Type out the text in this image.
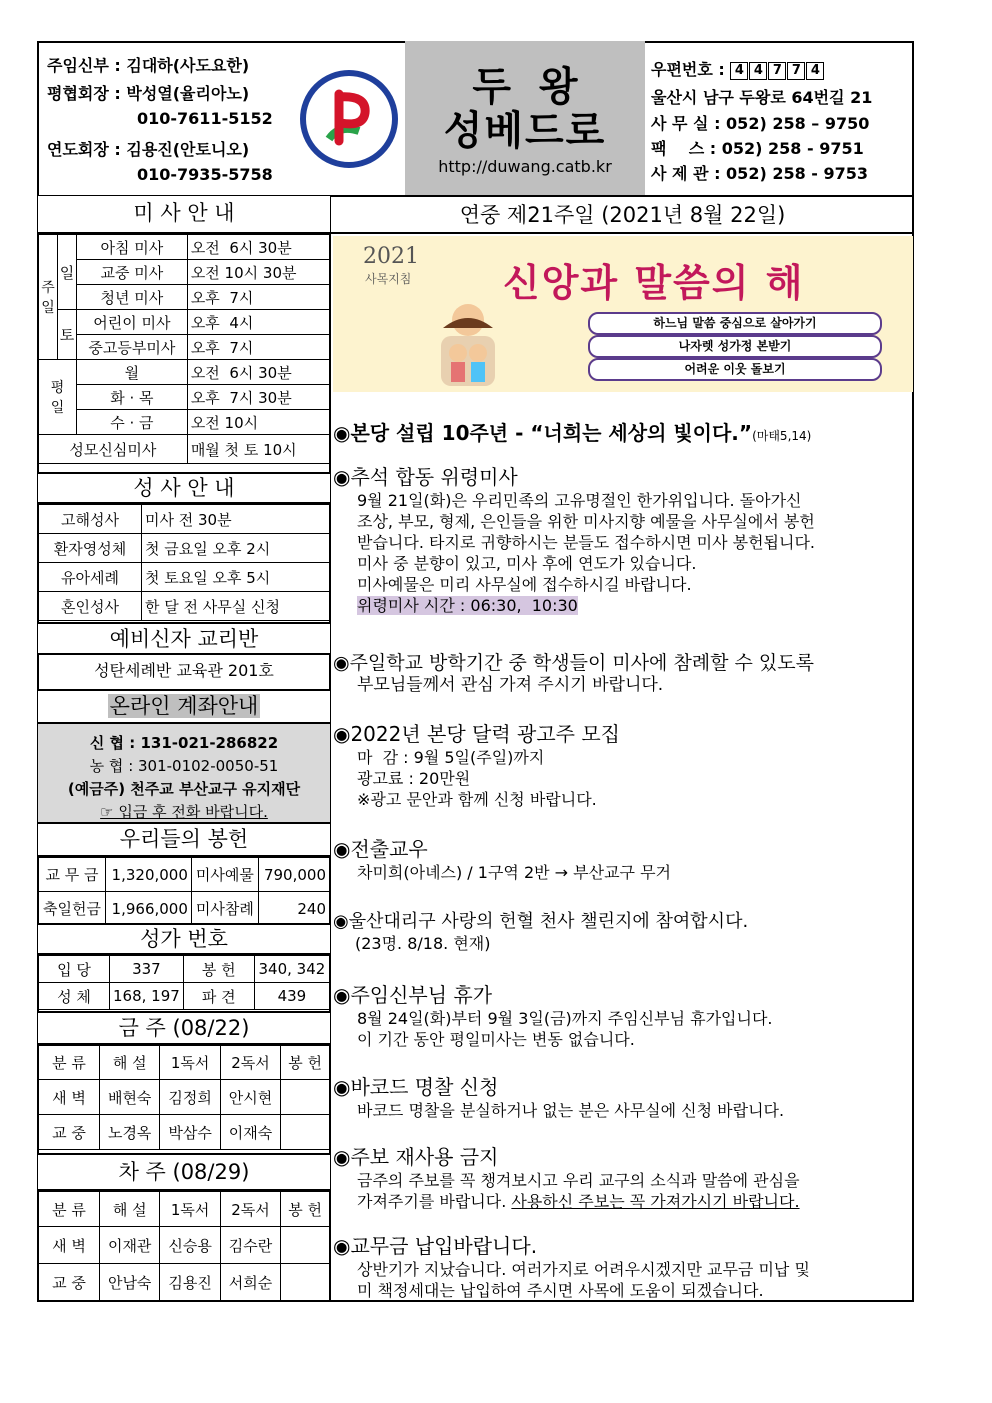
주임신부 : 김대하(사도요한)
평협회장 : 박성열(율리아노)
010-7611-5152
연도회장 : 김용진(안토니오)
010-7935-5758
두  왕
성베드로
http://duwang.catb.kr
우편번호 : 4 4 7 7 4
울산시 남구 두왕로 64번길 21
사 무 실 : 052) 258 – 9750
팩    스 : 052) 258 - 9751
사 제 관 : 052) 258 - 9753
미 사 안 내
주일	일	아침 미사	오전  6시 30분
		교중 미사	오전 10시 30분
		청년 미사	오후  7시
	토	어린이 미사	오후  4시
		중고등부미사	오후  7시
평일		월	오전  6시 30분
		화 · 목	오후  7시 30분
		수 · 금	오전 10시
성모신심미사			매월 첫 토 10시
성 사 안 내
고해성사	미사 전 30분
환자영성체	첫 금요일 오후 2시
유아세례	첫 토요일 오후 5시
혼인성사	한 달 전 사무실 신청
예비신자 교리반
성탄세례반 교육관 201호
온라인 계좌안내
신 협 : 131-021-286822
농 협 : 301-0102-0050-51
(예금주) 천주교 부산교구 유지재단
☞ 입금 후 전화 바랍니다.
우리들의 봉헌
교 무 금	1,320,000	미사예물	790,000
축일헌금	1,966,000	미사참례	240
성가 번호
입 당	337	봉 헌	340, 342
성 체	168, 197	파 견	439
금 주 (08/22)
분 류	해 설	1독서	2독서	봉 헌
새 벽	배현숙	김정희	안시현	
교 중	노경옥	박삼수	이재숙	
차 주 (08/29)
분 류	해 설	1독서	2독서	봉 헌
새 벽	이재관	신승용	김수란	
교 중	안남숙	김용진	서희순	
연중 제21주일 (2021년 8월 22일)
2021
사목지침 신앙과 말씀의 해
하느님 말씀 중심으로 살아가기
나자렛 성가정 본받기
어려운 이웃 돌보기
◉본당 설립 10주년 - “너희는 세상의 빛이다.”(마태5,14)
◉추석 합동 위령미사
9월 21일(화)은 우리민족의 고유명절인 한가위입니다. 돌아가신
조상, 부모, 형제, 은인들을 위한 미사지향 예물을 사무실에서 봉헌
받습니다. 타지로 귀향하시는 분들도 접수하시면 미사 봉헌됩니다.
미사 중 분향이 있고, 미사 후에 연도가 있습니다.
미사예물은 미리 사무실에 접수하시길 바랍니다.
위령미사 시간 : 06:30,  10:30
◉주일학교 방학기간 중 학생들이 미사에 참례할 수 있도록
부모님들께서 관심 가져 주시기 바랍니다.
◉2022년 본당 달력 광고주 모집
마  감 : 9월 5일(주일)까지
광고료 : 20만원
※광고 문안과 함께 신청 바랍니다.
◉전출교우
차미희(아녜스) / 1구역 2반 → 부산교구 무거
◉울산대리구 사랑의 헌혈 천사 챌린지에 참여합시다.
(23명. 8/18. 현재)
◉주임신부님 휴가
8월 24일(화)부터 9월 3일(금)까지 주임신부님 휴가입니다.
이 기간 동안 평일미사는 변동 없습니다.
◉바코드 명찰 신청
바코드 명찰을 분실하거나 없는 분은 사무실에 신청 바랍니다.
◉주보 재사용 금지
금주의 주보를 꼭 챙겨보시고 우리 교구의 소식과 말씀에 관심을
가져주기를 바랍니다. 사용하신 주보는 꼭 가져가시기 바랍니다.
◉교무금 납입바랍니다.
상반기가 지났습니다. 여러가지로 어려우시겠지만 교무금 미납 및
미 책정세대는 납입하여 주시면 사목에 도움이 되겠습니다.
